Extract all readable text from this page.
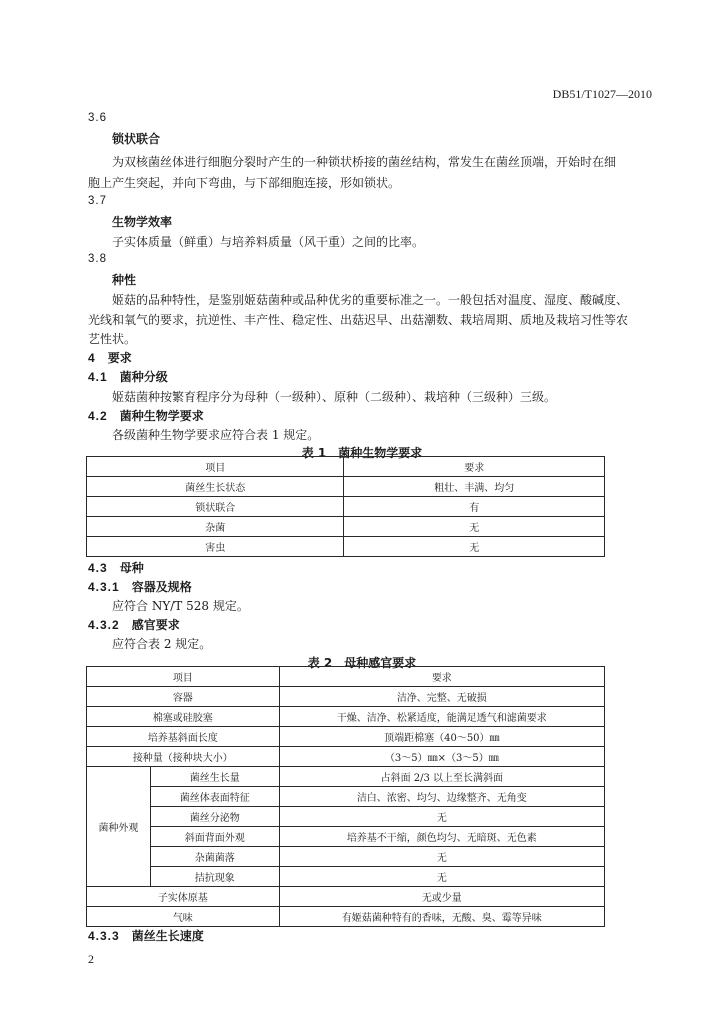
DB51/T1027—2010
3.6
锁状联合
为双核菌丝体进行细胞分裂时产生的一种锁状桥接的菌丝结构，常发生在菌丝顶端，开始时在细
胞上产生突起，并向下弯曲，与下部细胞连接，形如锁状。
3.7
生物学效率
子实体质量（鲜重）与培养料质量（风干重）之间的比率。
3.8
种性
姬菇的品种特性，是鉴别姬菇菌种或品种优劣的重要标准之一。一般包括对温度、湿度、酸碱度、
光线和氧气的要求，抗逆性、丰产性、稳定性、出菇迟早、出菇潮数、栽培周期、质地及栽培习性等农
艺性状。
4 要求
4.1 菌种分级
姬菇菌种按繁育程序分为母种（一级种）、原种（二级种）、栽培种（三级种）三级。
4.2 菌种生物学要求
各级菌种生物学要求应符合表 1 规定。
表 1　菌种生物学要求
项目	要求
菌丝生长状态	粗壮、丰满、均匀
锁状联合	有
杂菌	无
害虫	无
4.3 母种
4.3.1 容器及规格
应符合 NY/T 528 规定。
4.3.2 感官要求
应符合表 2 规定。
表 2　母种感官要求
项目		要求
容器		洁净、完整、无破损
棉塞或硅胶塞		干燥、洁净、松紧适度，能满足透气和滤菌要求
培养基斜面长度		顶端距棉塞（40～50）㎜
接种量（接种块大小）		（3～5）㎜×（3～5）㎜
菌种外观	菌丝生长量	占斜面 2/3 以上至长满斜面
	菌丝体表面特征	洁白、浓密、均匀、边缘整齐、无角变
	菌丝分泌物	无
	斜面背面外观	培养基不干缩，颜色均匀、无暗斑、无色素
	杂菌菌落	无
	拮抗现象	无
子实体原基		无或少量
气味		有姬菇菌种特有的香味，无酸、臭、霉等异味
4.3.3 菌丝生长速度
2
